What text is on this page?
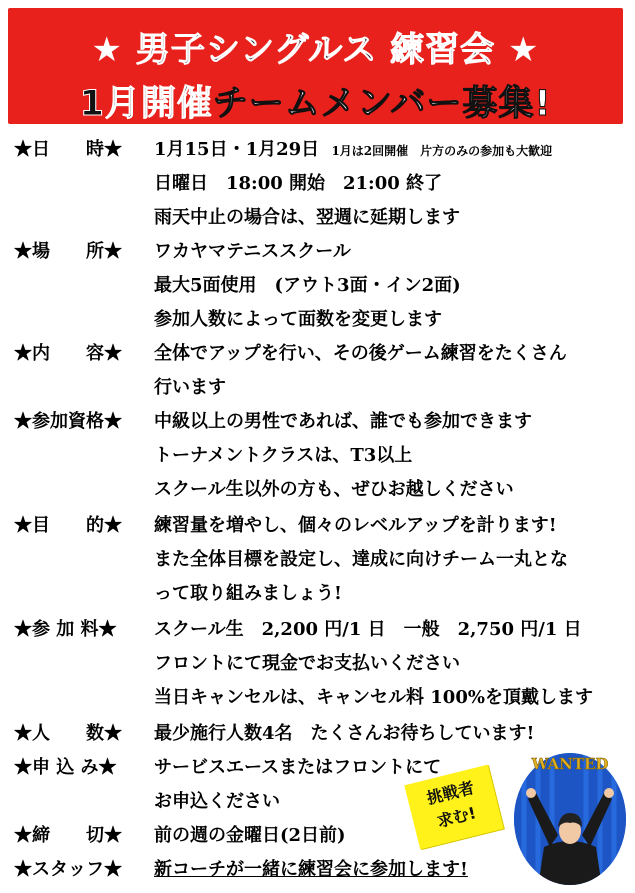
★ 男子シングルス 練習会 ★
1月開催チームメンバー募集!
★日　　時★ 1月15日・1月29日 1月は2回開催　片方のみの参加も大歓迎
日曜日　18:00 開始　21:00 終了
雨天中止の場合は、翌週に延期します
★場　　所★ ワカヤマテニススクール
最大5面使用　(アウト3面・イン2面)
参加人数によって面数を変更します
★内　　容★ 全体でアップを行い、その後ゲーム練習をたくさん
行います
★参加資格★ 中級以上の男性であれば、誰でも参加できます
トーナメントクラスは、T3以上
スクール生以外の方も、ぜひお越しください
★目　　的★ 練習量を増やし、個々のレベルアップを計ります!
また全体目標を設定し、達成に向けチーム一丸とな
って取り組みましょう!
★参 加 料★ スクール生　2,200 円/1 日　一般　2,750 円/1 日
フロントにて現金でお支払いください
当日キャンセルは、キャンセル料 100%を頂戴します
★人　　数★ 最少施行人数4名　たくさんお待ちしています!
★申 込 み★ サービスエースまたはフロントにて
お申込ください
★締　　切★ 前の週の金曜日(2日前)
★スタッフ★ 新コーチが一緒に練習会に参加します!
挑戦者
求む!
WANTED
